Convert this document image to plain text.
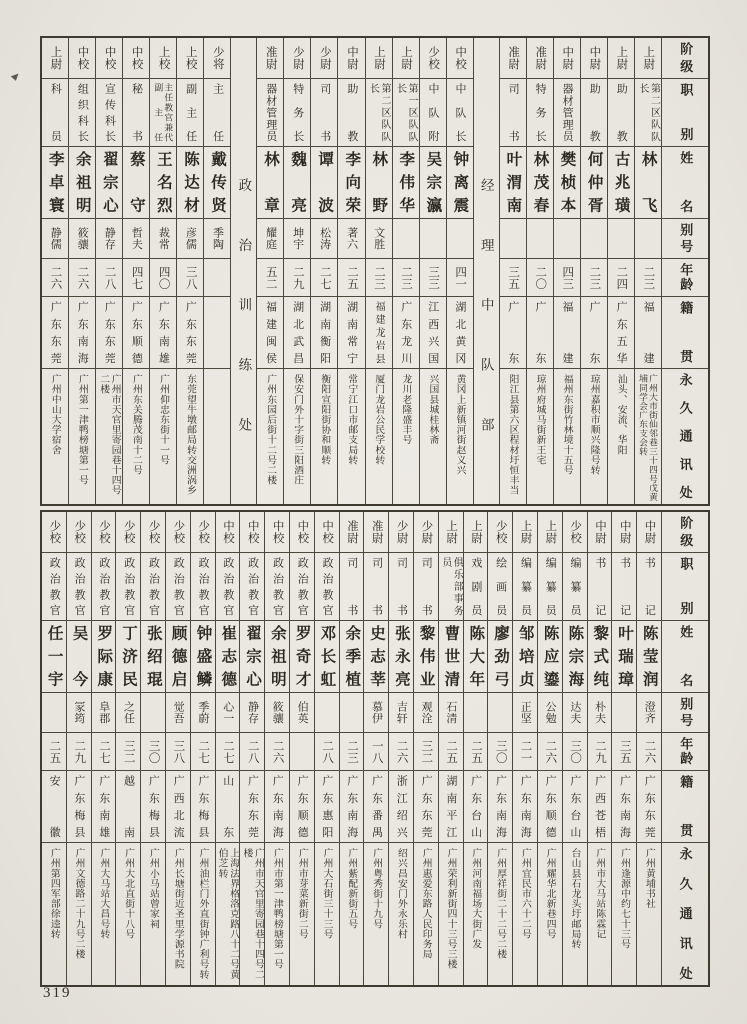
阶级
职别
姓名
别号
年龄
籍贯
永久通讯处
上尉
第二区队队长
林飞
二三
福建
广州大市街仙邻巷三十四号戊黄埔同学会广东支会转
上尉
助教
古兆璜
二四
广东五华
汕头、安流、华阳
中尉
助教
何仲胥
二三
广东
琼州嘉积市顺兴隆号转
中尉
器材管理员
樊桢本
四三
福建
福州东街竹林境十五号
准尉
特务长
林茂春
二〇
广东
琼州府城马街新王宅
准尉
司书
叶渭南
三五
广东
阳江县第六区程材圩恒丰当
经理中队部
中校
中队长
钟离震
四一
湖北黄冈
黄冈上新镇河街赵义兴
少校
中队附
吴宗瀛
三三
江西兴国
兴国县城桂林斋
上尉
第一区队队长
李伟华
二三
广东龙川
龙川老隆盛丰号
上尉
第二区队队长
林野
文胜
二三
福建龙岩县
厦门龙岩公民学校转
中尉
助教
李向荣
著六
二五
湖南常宁
常宁江口市邮支局转
少尉
司书
谭波
松涛
二七
湖南衡阳
衡阳宣阳街协和顺转
少尉
特务长
魏亮
坤宇
二九
湖北武昌
保安门外十字街三阳酒庄
准尉
器材管理员
林章
耀庭
五二
福建闽侯
广州东园后街十二号二楼
政治训练处
少将
主任
戴传贤
季陶
上校
副主任
陈达材
彦儒
三八
广东东莞
东莞望牛墩邮局转交洲涡乡
上校
主任教官兼代副主任
王名烈
裁常
四〇
广东南雄
广州仰忠东街十一号
中校
秘书
蔡守
哲夫
四七
广东顺德
广州东关腾茂南十二号
中校
宣传科长
翟宗心
静存
二八
广东东莞
广州市天官里寄园巷十四号二楼
中校
组织科长
余祖明
筱骧
二六
广东南海
广州第一津鸭榜塘第一号
上尉
科员
李卓寰
静儒
二六
广东东莞
广州中山大学宿舍
阶级
职别
姓名
别号
年龄
籍贯
永久通讯处
中尉
书记
陈莹润
澄齐
二六
广东东莞
广州黄埔书社
中尉
书记
叶瑞璋
三五
广东南海
广州逢源中约七十三号
中尉
书记
黎式纯
朴夫
二九
广西苍梧
广州市大马站陈霖记
少校
编纂员
陈宗海
达夫
三〇
广东台山
台山县石龙头圩邮局转
上尉
编纂员
陈应鎏
公勉
二六
广东顺德
广州耀华北新巷四号
上尉
编纂员
邹培贞
正坚
二一
广东南海
广州宜民市六十二号
少校
绘画员
廖劲弓
三〇
广东南海
广州厚祥街二十二号二楼
上尉
戏剧员
陈大年
二五
广东台山
广州河南福场大街广发
上尉
俱乐部事务员
曹世清
石清
二五
湖南平江
广州荣利新街四十三号三楼
少尉
司书
黎伟业
观洤
三二
广东东莞
广州惠爱东路人民印务局
少尉
司书
张永亮
吉轩
二六
浙江绍兴
绍兴昌安门外永乐村
准尉
司书
史志莘
慕伊
一八
广东番禺
广州粤秀街十九号
准尉
司书
余季植
二三
广东南海
广州紫配新街五号
中校
政治教官
邓长虹
二八
广东惠阳
广州大石街三十三号
中校
政治教官
罗奇才
伯英
广东顺德
广州市芽菜新街二号
中校
政治教官
余祖明
筱骧
二六
广东南海
广州市第一津鸭榜塘第一号
中校
政治教官
翟宗心
静存
二八
广东东莞
广州市天官里寄园巷十四号二楼
中校
政治教官
崔志德
心一
二七
山东
上海法界格洛克路八十二号黄伯芝转
少校
政治教官
钟盛鳞
季蔚
二七
广东梅县
广州油栏门外直街钟广利号转
少校
政治教官
顾德启
觉吾
三八
广西北流
广州长塘街近圣里学源书院
少校
政治教官
张绍琨
三〇
广东梅县
广州小马站曾家祠
少校
政治教官
丁济民
之任
三二
越南
广州大北直街十八号
少校
政治教官
罗际康
阜郡
二七
广东南雄
广州大马站大昌号转
少校
政治教官
吴今
冡筠
二九
广东梅县
广州文德路二十九号二楼
少校
政治教官
任一宇
二五
安徽
广州第四军部徐逵转
319
